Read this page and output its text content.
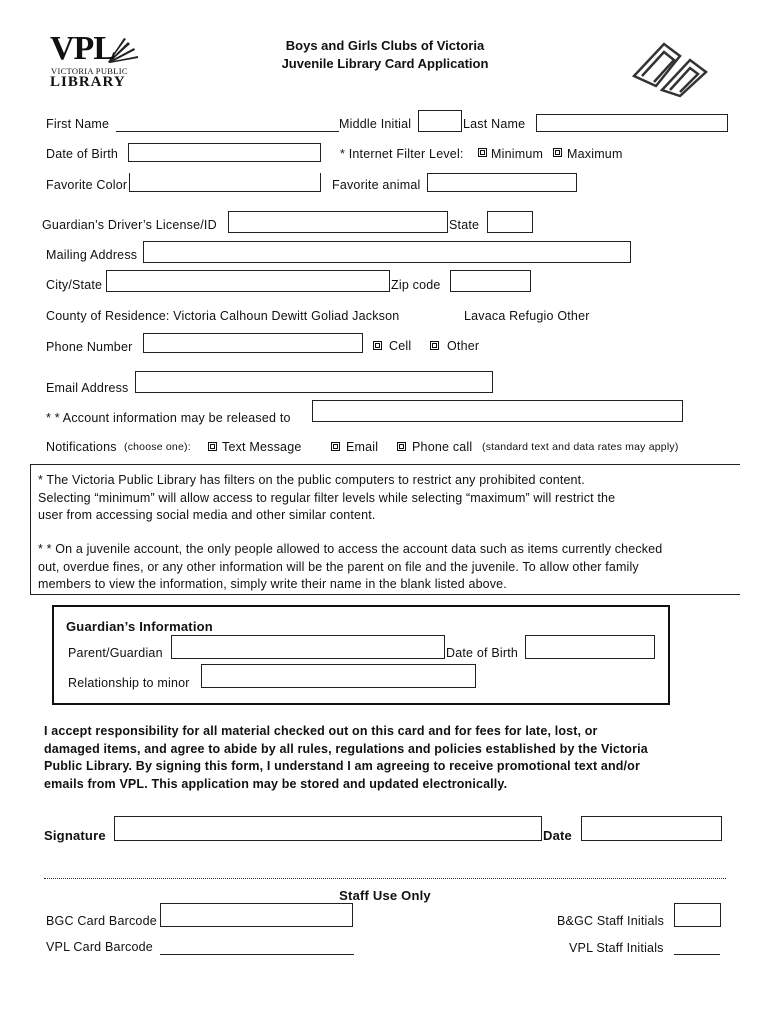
VPL
VICTORIA PUBLIC
LIBRARY
Boys and Girls Clubs of Victoria
Juvenile Library Card Application
First Name	Middle Initial	Last Name
Date of Birth	* Internet Filter Level: Minimum Maximum
Favorite Color	Favorite animal
Guardian’s Driver’s License/ID	State
Mailing Address
City/State	Zip code
County of Residence: Victoria Calhoun Dewitt Goliad Jackson	Lavaca Refugio Other
Phone Number	Cell	Other
Email Address
* * Account information may be released to
Notifications (choose one): Text Message	Email	Phone call (standard text and data rates may apply)
* The Victoria Public Library has filters on the public computers to restrict any prohibited content.
Selecting “minimum” will allow access to regular filter levels while selecting “maximum” will restrict the
user from accessing social media and other similar content.
* * On a juvenile account, the only people allowed to access the account data such as items currently checked
out, overdue fines, or any other information will be the parent on file and the juvenile. To allow other family
members to view the information, simply write their name in the blank listed above.
Guardian’s Information
Parent/Guardian	Date of Birth
Relationship to minor
I accept responsibility for all material checked out on this card and for fees for late, lost, or
damaged items, and agree to abide by all rules, regulations and policies established by the Victoria
Public Library. By signing this form, I understand I am agreeing to receive promotional text and/or
emails from VPL. This application may be stored and updated electronically.
Signature	Date
Staff Use Only
BGC Card Barcode	B&GC Staff Initials
VPL Card Barcode	VPL Staff Initials
